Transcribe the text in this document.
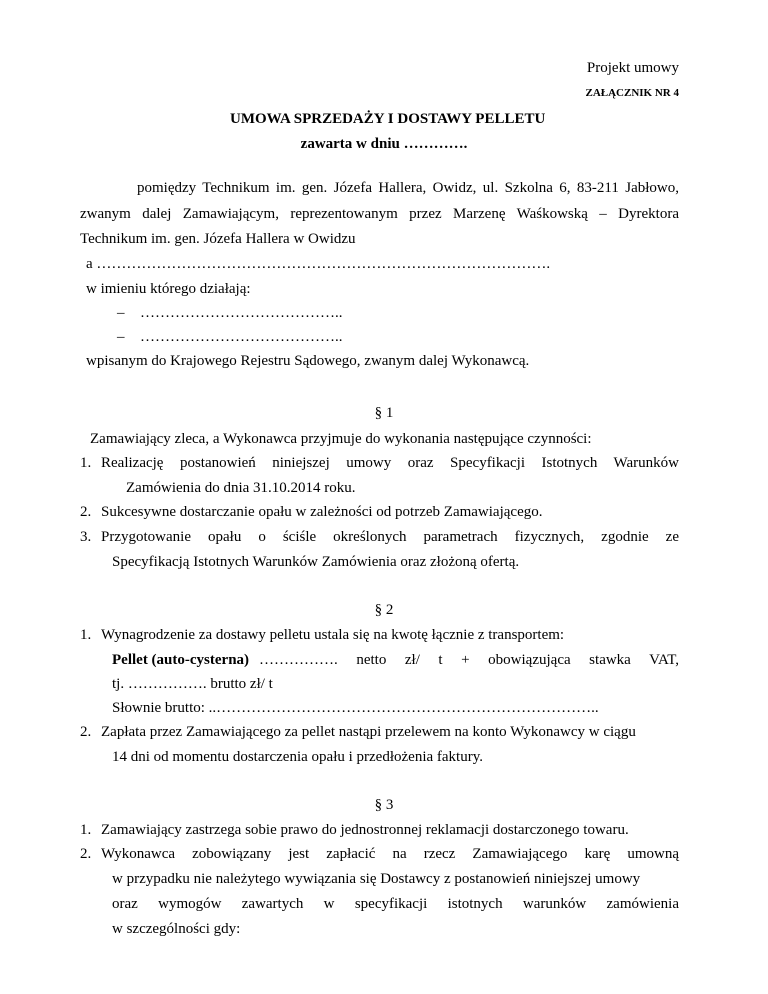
Projekt umowy
ZAŁĄCZNIK NR 4
UMOWA SPRZEDAŻY I DOSTAWY PELLETU
zawarta w dniu ………….
pomiędzy Technikum im. gen. Józefa Hallera, Owidz, ul. Szkolna 6, 83-211 Jabłowo,
zwanym dalej Zamawiającym, reprezentowanym przez Marzenę Waśkowską – Dyrektora
Technikum im. gen. Józefa Hallera w Owidzu
a ……………………………………………………………………………….
w imieniu którego działają:
– …………………………………..
– …………………………………..
wpisanym do Krajowego Rejestru Sądowego, zwanym dalej Wykonawcą.
§ 1
Zamawiający zleca, a Wykonawca przyjmuje do wykonania następujące czynności:
1. Realizację postanowień niniejszej umowy oraz Specyfikacji Istotnych Warunków
Zamówienia do dnia 31.10.2014 roku.
2. Sukcesywne dostarczanie opału w zależności od potrzeb Zamawiającego.
3. Przygotowanie opału o ściśle określonych parametrach fizycznych, zgodnie ze
Specyfikacją Istotnych Warunków Zamówienia oraz złożoną ofertą.
§ 2
1. Wynagrodzenie za dostawy pelletu ustala się na kwotę łącznie z transportem:
Pellet (auto-cysterna) ……………. netto zł/ t + obowiązująca stawka VAT,
tj. ……………. brutto zł/ t
Słownie brutto: ..…………………………………………………………………..
2. Zapłata przez Zamawiającego za pellet nastąpi przelewem na konto Wykonawcy w ciągu
14 dni od momentu dostarczenia opału i przedłożenia faktury.
§ 3
1. Zamawiający zastrzega sobie prawo do jednostronnej reklamacji dostarczonego towaru.
2. Wykonawca zobowiązany jest zapłacić na rzecz Zamawiającego karę umowną
w przypadku nie należytego wywiązania się Dostawcy z postanowień niniejszej umowy
oraz wymogów zawartych w specyfikacji istotnych warunków zamówienia
w szczególności gdy:
